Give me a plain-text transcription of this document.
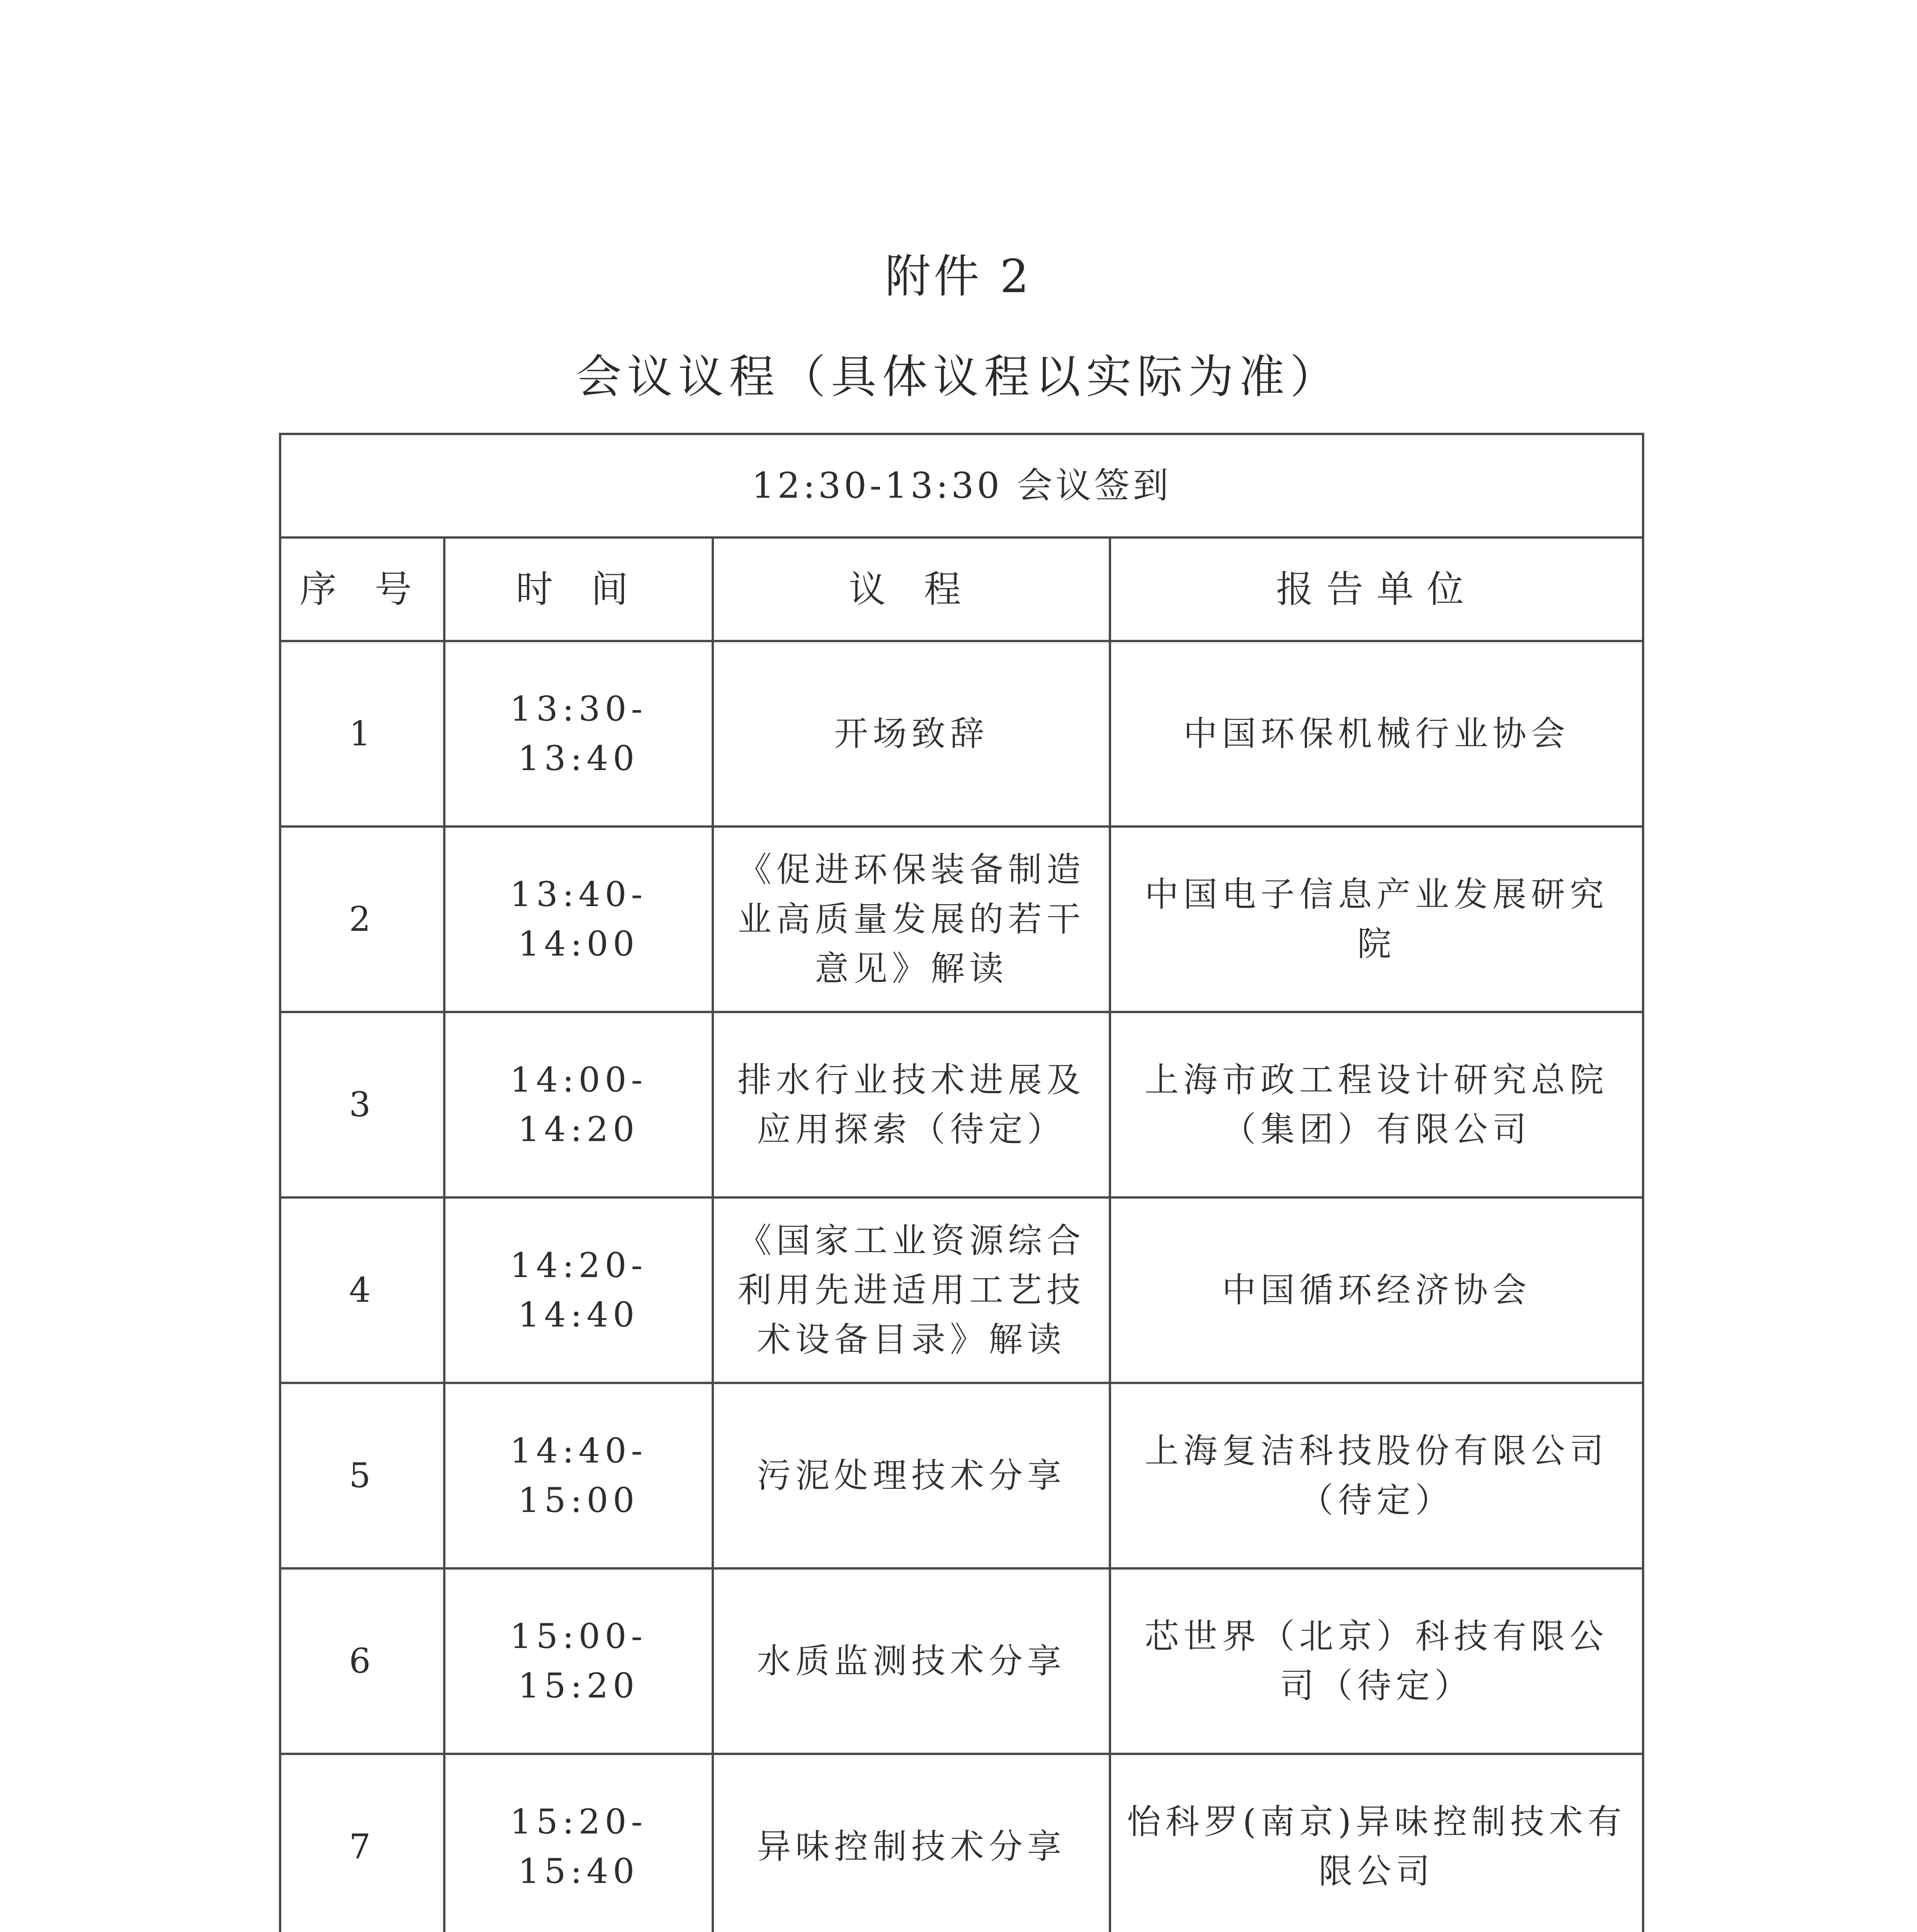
附件 2
会议议程（具体议程以实际为准）
12:30-13:30 会议签到			
序 号	时 间	议 程	报告单位
1	13:30-13:40	开场致辞	中国环保机械行业协会
2	13:40-14:00	《促进环保装备制造业高质量发展的若干意见》解读	中国电子信息产业发展研究院
3	14:00-14:20	排水行业技术进展及应用探索（待定）	上海市政工程设计研究总院（集团）有限公司
4	14:20-14:40	《国家工业资源综合利用先进适用工艺技术设备目录》解读	中国循环经济协会
5	14:40-15:00	污泥处理技术分享	上海复洁科技股份有限公司（待定）
6	15:00-15:20	水质监测技术分享	芯世界（北京）科技有限公司（待定）
7	15:20-15:40	异味控制技术分享	怡科罗(南京)异味控制技术有限公司
